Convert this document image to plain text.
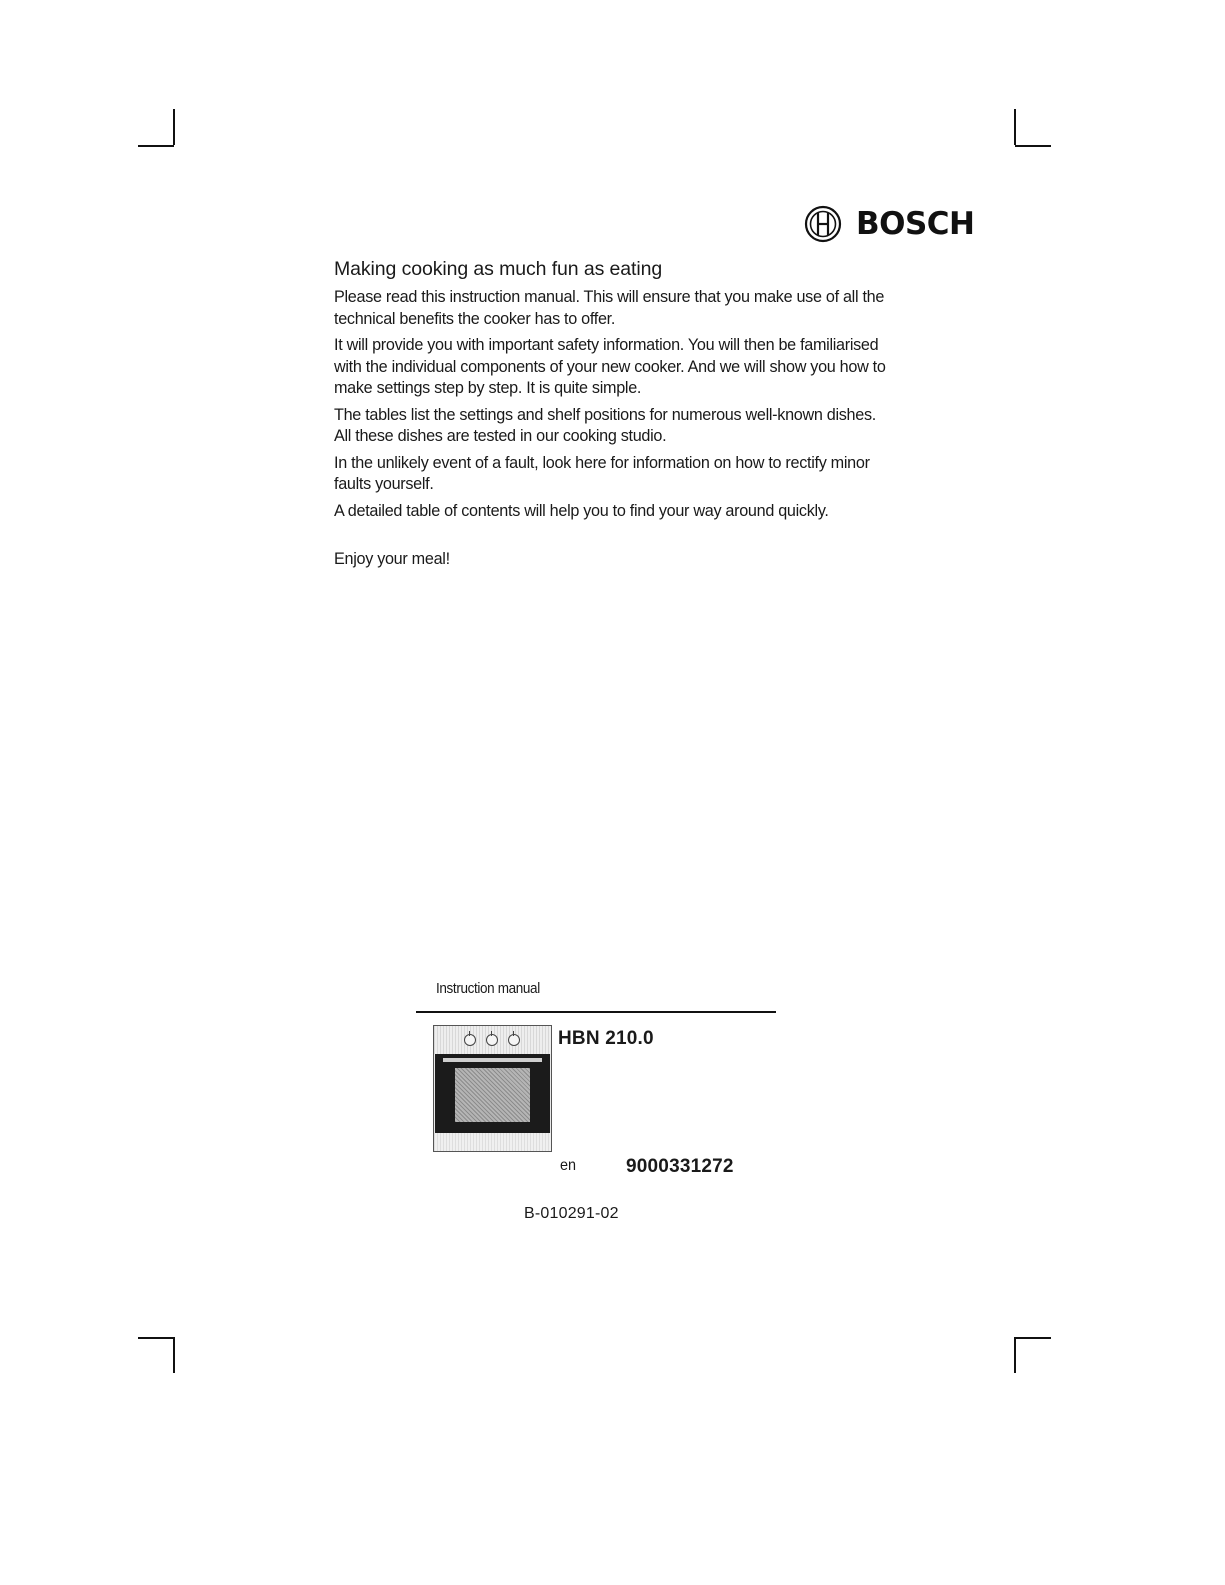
BOSCH
Making cooking as much fun as eating

Please read this instruction manual. This will ensure that you make use of all the technical benefits the cooker has to offer.

It will provide you with important safety information. You will then be familiarised with the individual components of your new cooker. And we will show you how to make settings step by step. It is quite simple.

The tables list the settings and shelf positions for numerous well-known dishes. All these dishes are tested in our cooking studio.

In the unlikely event of a fault, look here for information on how to rectify minor faults yourself.

A detailed table of contents will help you to find your way around quickly.

Enjoy your meal!
Instruction manual
HBN 210.0
en	9000331272
B-010291-02
